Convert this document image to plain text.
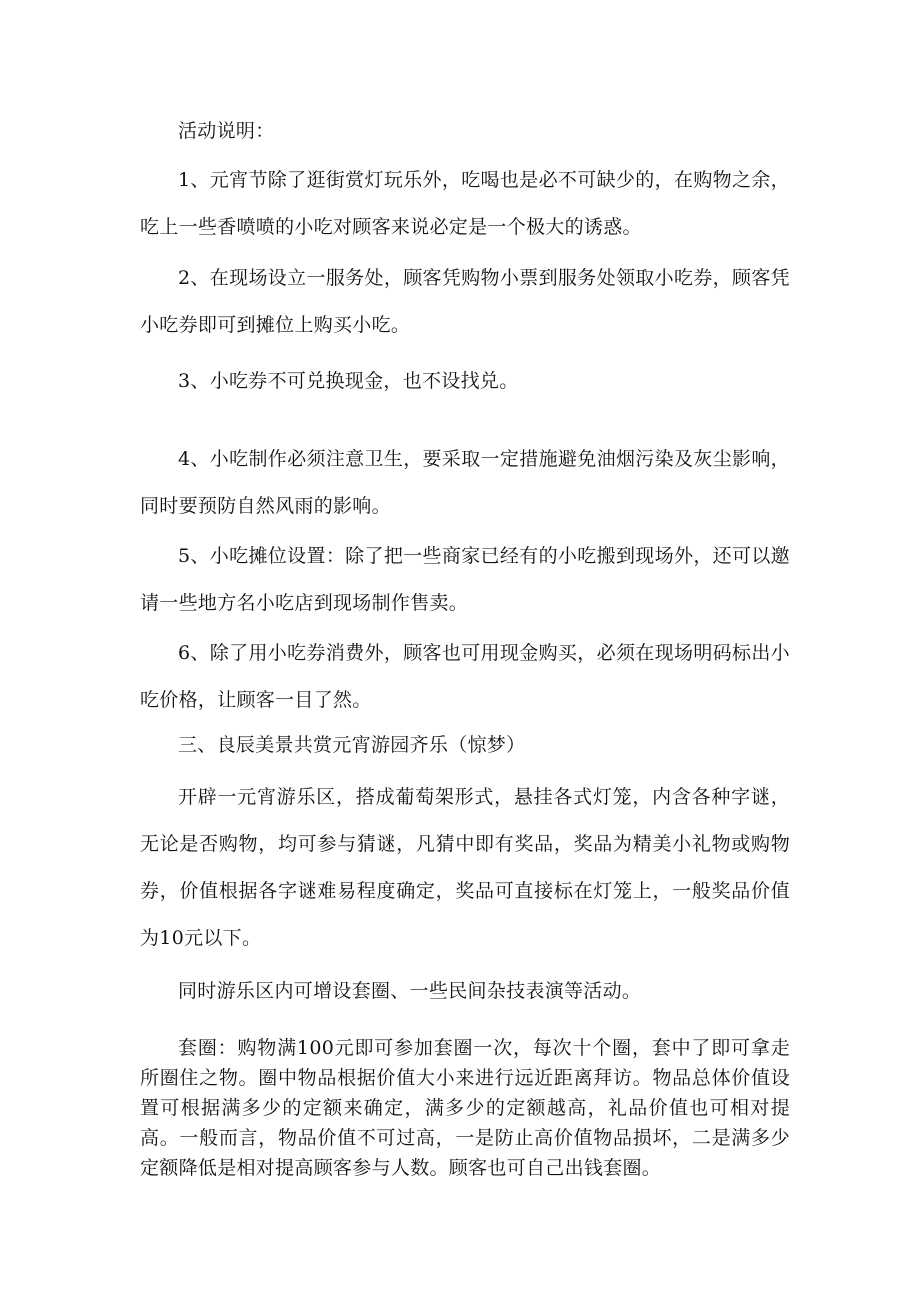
活动说明：

1、元宵节除了逛街赏灯玩乐外，吃喝也是必不可缺少的，在购物之余，吃上一些香喷喷的小吃对顾客来说必定是一个极大的诱惑。

2、在现场设立一服务处，顾客凭购物小票到服务处领取小吃券，顾客凭小吃券即可到摊位上购买小吃。

3、小吃券不可兑换现金，也不设找兑。

4、小吃制作必须注意卫生，要采取一定措施避免油烟污染及灰尘影响，同时要预防自然风雨的影响。

5、小吃摊位设置：除了把一些商家已经有的小吃搬到现场外，还可以邀请一些地方名小吃店到现场制作售卖。

6、除了用小吃券消费外，顾客也可用现金购买，必须在现场明码标出小吃价格，让顾客一目了然。

三、良辰美景共赏元宵游园齐乐（惊梦）

开辟一元宵游乐区，搭成葡萄架形式，悬挂各式灯笼，内含各种字谜，无论是否购物，均可参与猜谜，凡猜中即有奖品，奖品为精美小礼物或购物券，价值根据各字谜难易程度确定，奖品可直接标在灯笼上，一般奖品价值为10元以下。

同时游乐区内可增设套圈、一些民间杂技表演等活动。

套圈：购物满100元即可参加套圈一次，每次十个圈，套中了即可拿走所圈住之物。圈中物品根据价值大小来进行远近距离拜访。物品总体价值设置可根据满多少的定额来确定，满多少的定额越高，礼品价值也可相对提高。一般而言，物品价值不可过高，一是防止高价值物品损坏，二是满多少定额降低是相对提高顾客参与人数。顾客也可自己出钱套圈。
